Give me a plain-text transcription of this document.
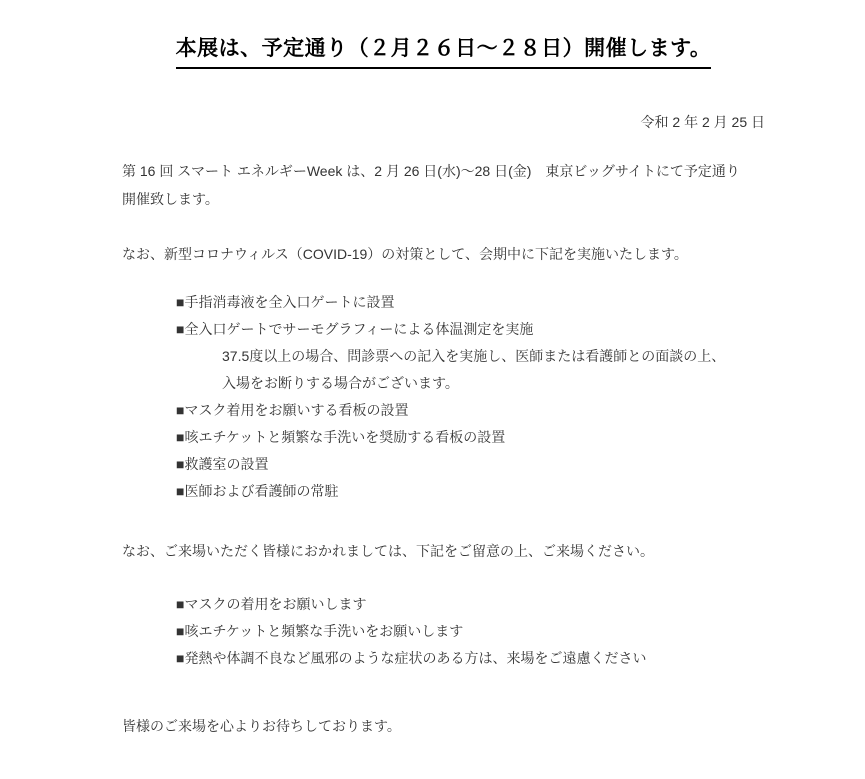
本展は、予定通り（２月２６日～２８日）開催します。
令和 2 年 2 月 25 日
第 16 回 スマート エネルギーWeek は、2 月 26 日(水)～28 日(金)　東京ビッグサイトにて予定通り
開催致します。
なお、新型コロナウィルス（COVID-19）の対策として、会期中に下記を実施いたします。
■手指消毒液を全入口ゲートに設置
■全入口ゲートでサーモグラフィーによる体温測定を実施
37.5度以上の場合、問診票への記入を実施し、医師または看護師との面談の上、
入場をお断りする場合がございます。
■マスク着用をお願いする看板の設置
■咳エチケットと頻繁な手洗いを奨励する看板の設置
■救護室の設置
■医師および看護師の常駐
なお、ご来場いただく皆様におかれましては、下記をご留意の上、ご来場ください。
■マスクの着用をお願いします
■咳エチケットと頻繁な手洗いをお願いします
■発熱や体調不良など風邪のような症状のある方は、来場をご遠慮ください
皆様のご来場を心よりお待ちしております。
